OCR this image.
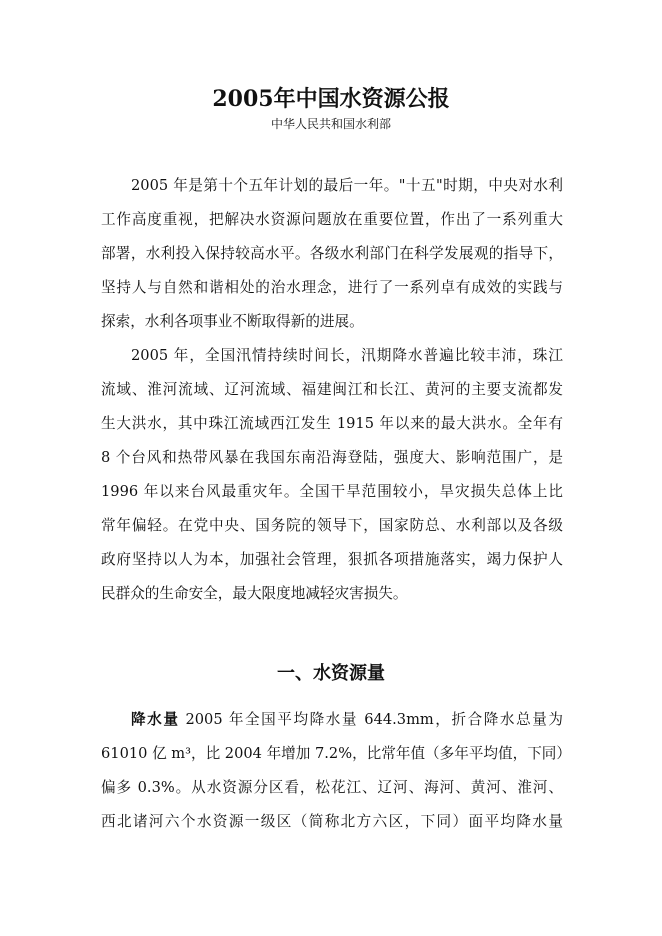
2005年中国水资源公报
中华人民共和国水利部
2005 年是第十个五年计划的最后一年。"十五"时期，中央对水利
工作高度重视，把解决水资源问题放在重要位置，作出了一系列重大
部署，水利投入保持较高水平。各级水利部门在科学发展观的指导下，
坚持人与自然和谐相处的治水理念，进行了一系列卓有成效的实践与
探索，水利各项事业不断取得新的进展。
2005 年，全国汛情持续时间长，汛期降水普遍比较丰沛，珠江
流域、淮河流域、辽河流域、福建闽江和长江、黄河的主要支流都发
生大洪水，其中珠江流域西江发生 1915 年以来的最大洪水。全年有
8 个台风和热带风暴在我国东南沿海登陆，强度大、影响范围广，是
1996 年以来台风最重灾年。全国干旱范围较小，旱灾损失总体上比
常年偏轻。在党中央、国务院的领导下，国家防总、水利部以及各级
政府坚持以人为本，加强社会管理，狠抓各项措施落实，竭力保护人
民群众的生命安全，最大限度地减轻灾害损失。
一、水资源量
降水量 2005 年全国平均降水量 644.3mm，折合降水总量为
61010 亿 m³，比 2004 年增加 7.2%，比常年值（多年平均值，下同）
偏多 0.3%。从水资源分区看，松花江、辽河、海河、黄河、淮河、
西北诸河六个水资源一级区（简称北方六区，下同）面平均降水量
